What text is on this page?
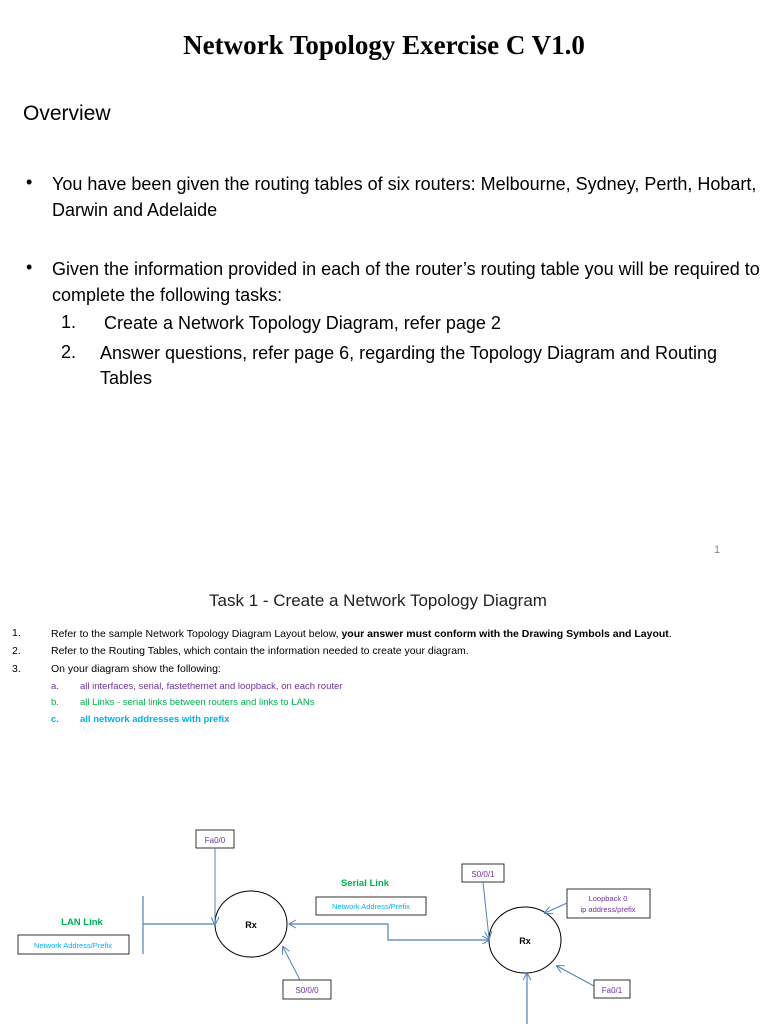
Network Topology Exercise C V1.0
Overview
• You have been given the routing tables of six routers: Melbourne, Sydney, Perth, Hobart, Darwin and Adelaide
• Given the information provided in each of the router’s routing table you will be required to complete the following tasks:
1. Create a Network Topology Diagram, refer page 2
2. Answer questions, refer page 6, regarding the Topology Diagram and Routing Tables
1
Task 1 - Create a Network Topology Diagram
1.	Refer to the sample Network Topology Diagram Layout below, your answer must conform with the Drawing Symbols and Layout.
2.	Refer to the Routing Tables, which contain the information needed to create your diagram.
3.	On your diagram show the following:
a. all interfaces, serial, fastethernet and loopback, on each router
b. all Links - serial links between routers and links to LANs
c. all network addresses with prefix
Rx
Rx
Fa0/0
S0/0/0
Serial Link
Network Address/Prefix
LAN Link
Network Address/Prefix
S0/0/1
Loopback 0
ip address/prefix
Fa0/1
